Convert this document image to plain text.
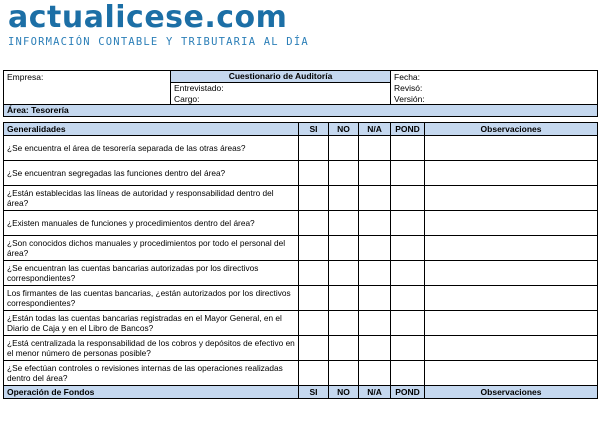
actualicese.com
INFORMACIÓN CONTABLE Y TRIBUTARIA AL DÍA
Empresa:	Cuestionario de Auditoría				Fecha:	
	Entrevistado:				Revisó:	
	Cargo:				Versión:	
Área: Tesorería						

Generalidades		SI	NO	N/A	POND	Observaciones
¿Se encuentra el área de tesorería separada de las otras áreas?						
¿Se encuentran segregadas las funciones dentro del área?						
¿Están establecidas las líneas de autoridad y responsabilidad dentro del área?						
¿Existen manuales de funciones y procedimientos dentro del área?						
¿Son conocidos dichos manuales y procedimientos por todo el personal del área?						
¿Se encuentran las cuentas bancarias autorizadas por los directivos correspondientes?						
Los firmantes de las cuentas bancarias, ¿están autorizados por los directivos correspondientes?						
¿Están todas las cuentas bancarias registradas en el Mayor General, en el Diario de Caja y en el Libro de Bancos?						
¿Está centralizada la responsabilidad de los cobros y depósitos de efectivo en el menor número de personas posible?						
¿Se efectúan controles o revisiones internas de las operaciones realizadas dentro del área?						
Operación de Fondos		SI	NO	N/A	POND	Observaciones
